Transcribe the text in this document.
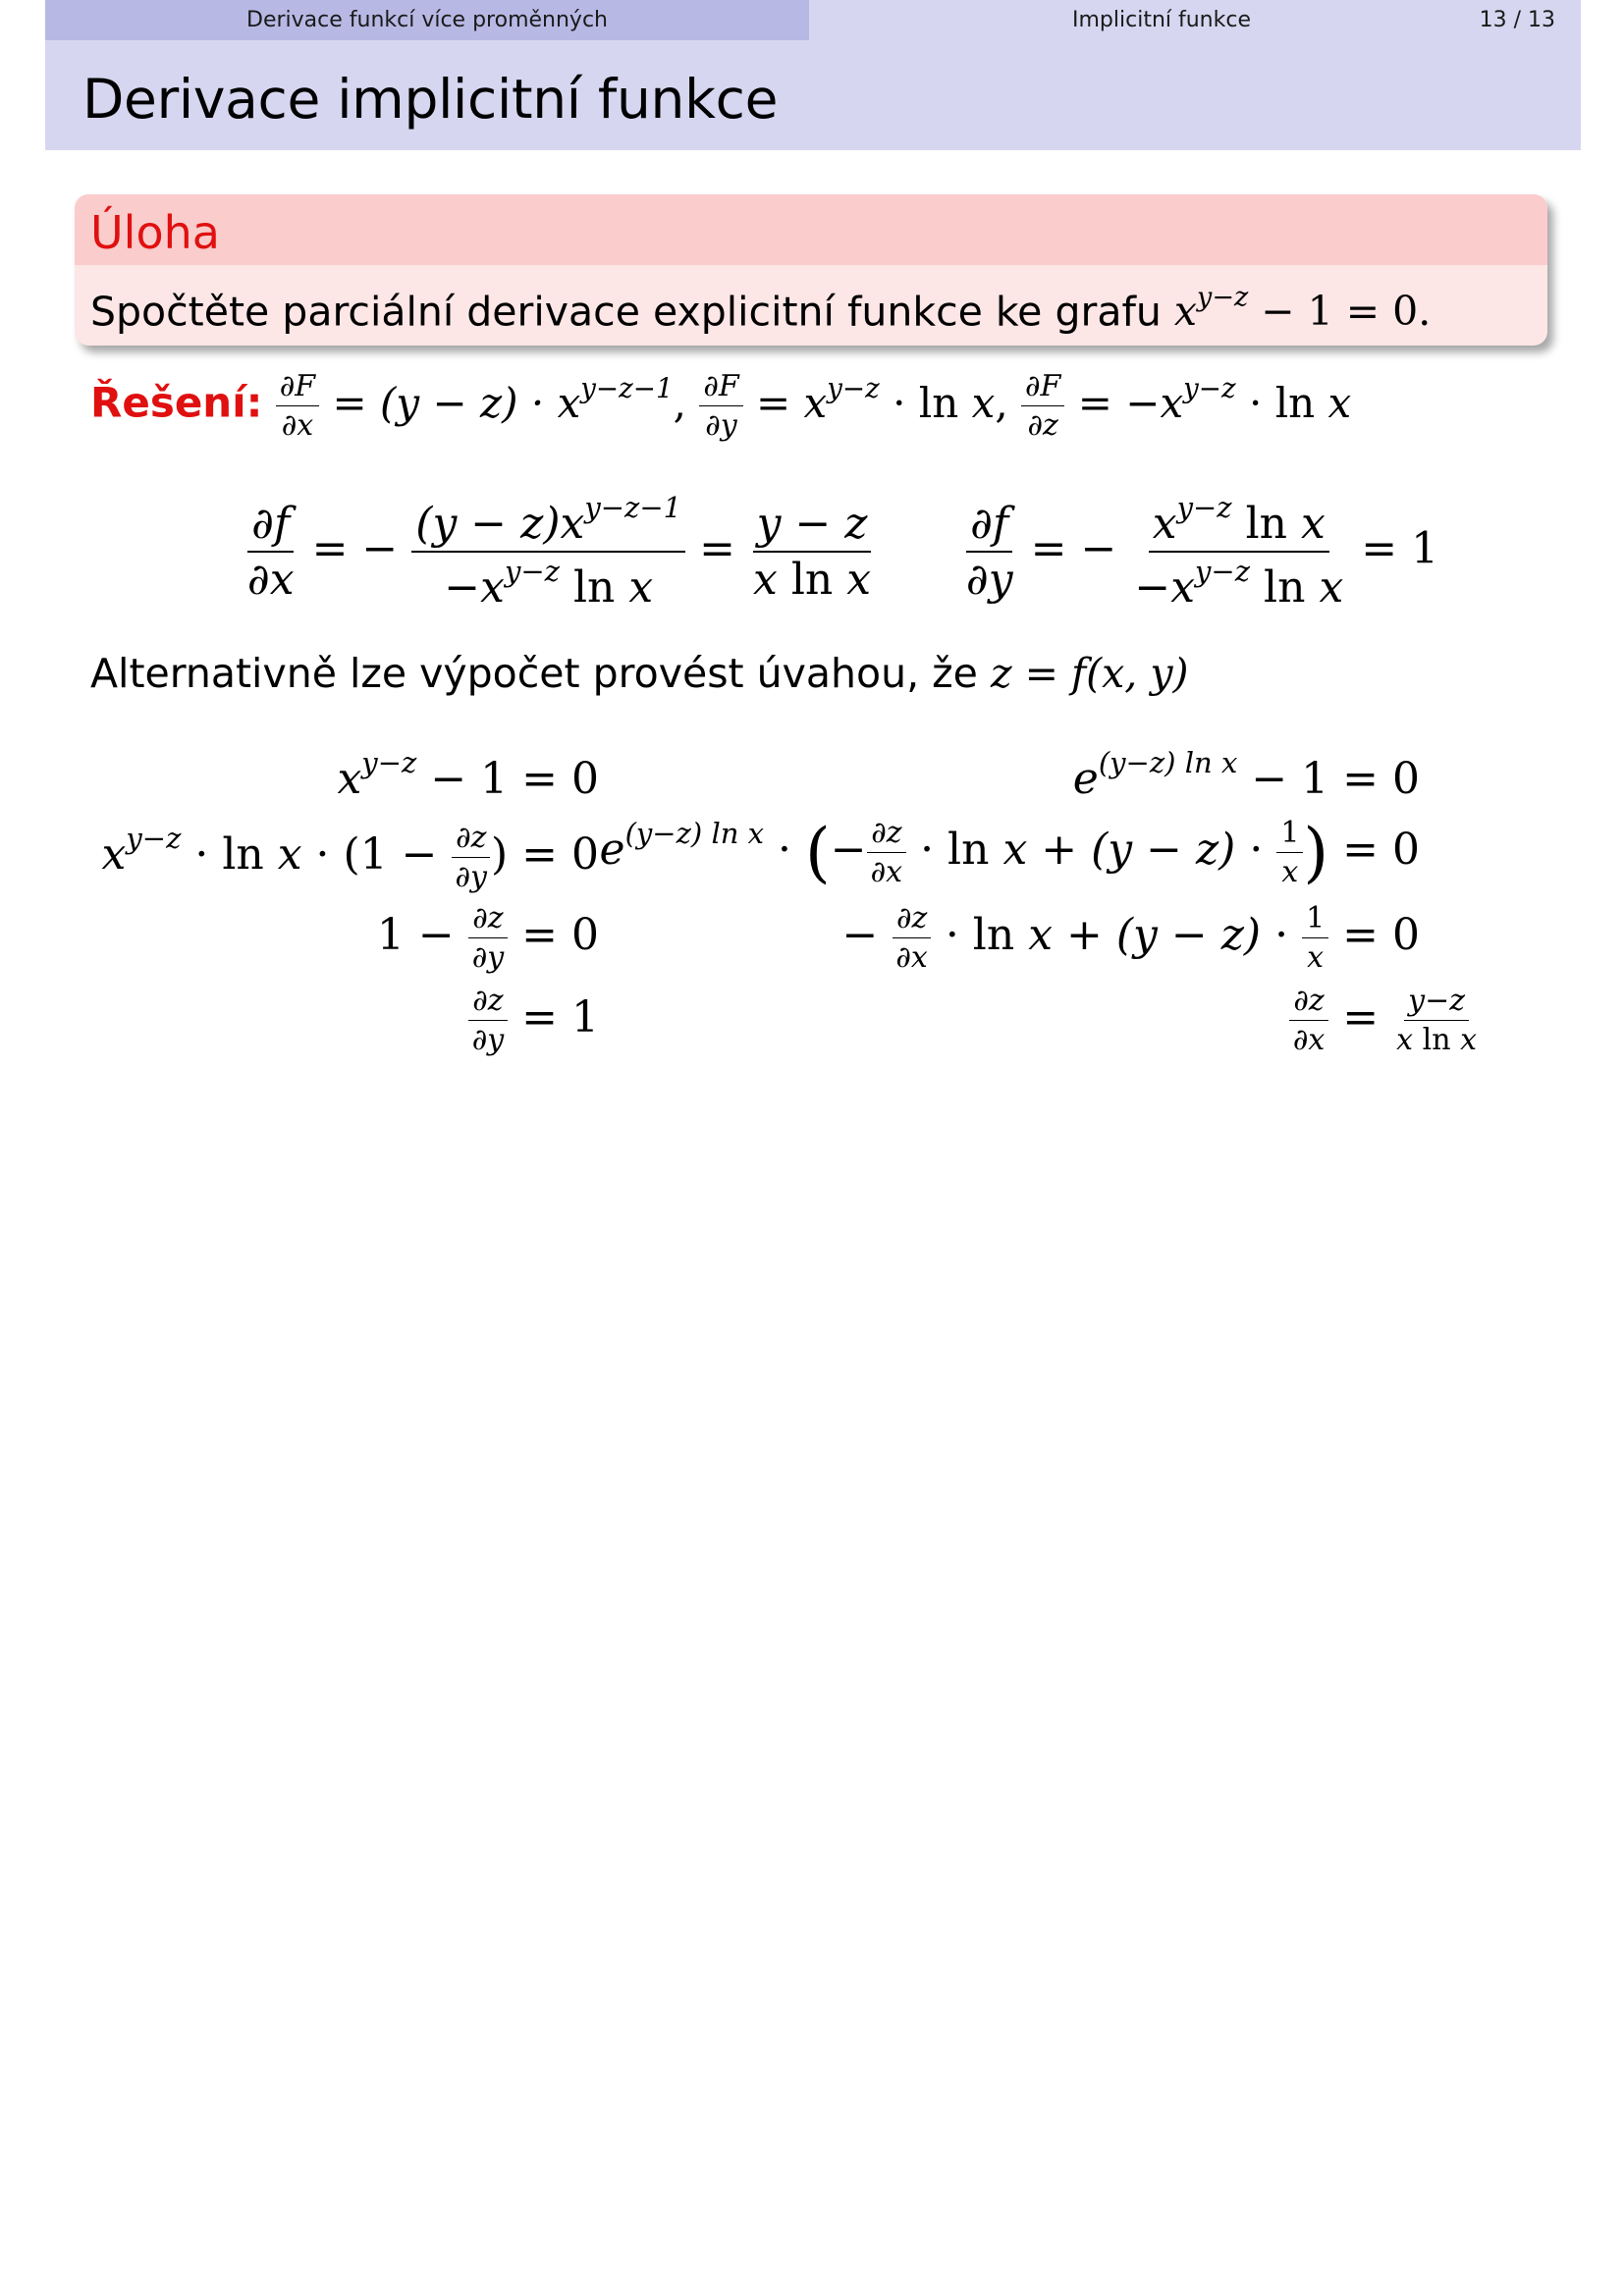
Derivace funkcí více proměnných	Implicitní funkce	13 / 13
Derivace implicitní funkce
Úloha
Spočtěte parciální derivace explicitní funkce ke grafu $x^{y-z} - 1 = 0$.
Řešení: $\frac{\partial F}{\partial x} = (y - z) \cdot x^{y-z-1}$, $\frac{\partial F}{\partial y} = x^{y-z} \cdot \ln x$, $\frac{\partial F}{\partial z} = -x^{y-z} \cdot \ln x$
$\frac{\partial f}{\partial x}$ = − $\frac{(y - z)x^{y-z-1}}{-x^{y-z} \ln x} = \frac{y - z}{\text{x ln x}} \frac{\partial f}{\partial y}$ = − $\frac{x^{y-z} \ln x}{-x^{y-z} \ln x} = 1$
Alternativně lze výpočet provést úvahou, že z = f(x, y)
$x^{y-z} - 1 = 0$
$x^{y-z} \cdot \ln x \cdot (1 - \frac{\partial z}{\partial y}$ ) = 0
$1 - \frac{\partial z}{\partial y} = 0$
$\frac{\partial z}{\partial y} = 1$
$e^{(y-z) ln x} - 1 = 0$
$e^{(y-z) ln x}$ · (− $\frac{\partial z}{\partial x} \cdot \ln x + (y - z) \cdot \frac{1}{x}$ ) = 0
− $\frac{\partial z}{\partial x} \cdot \ln x + (y - z) \cdot \frac{1}{x} = 0$
$\frac{\partial z}{\partial x} = \frac{y-z}{\text{x ln x}}$
